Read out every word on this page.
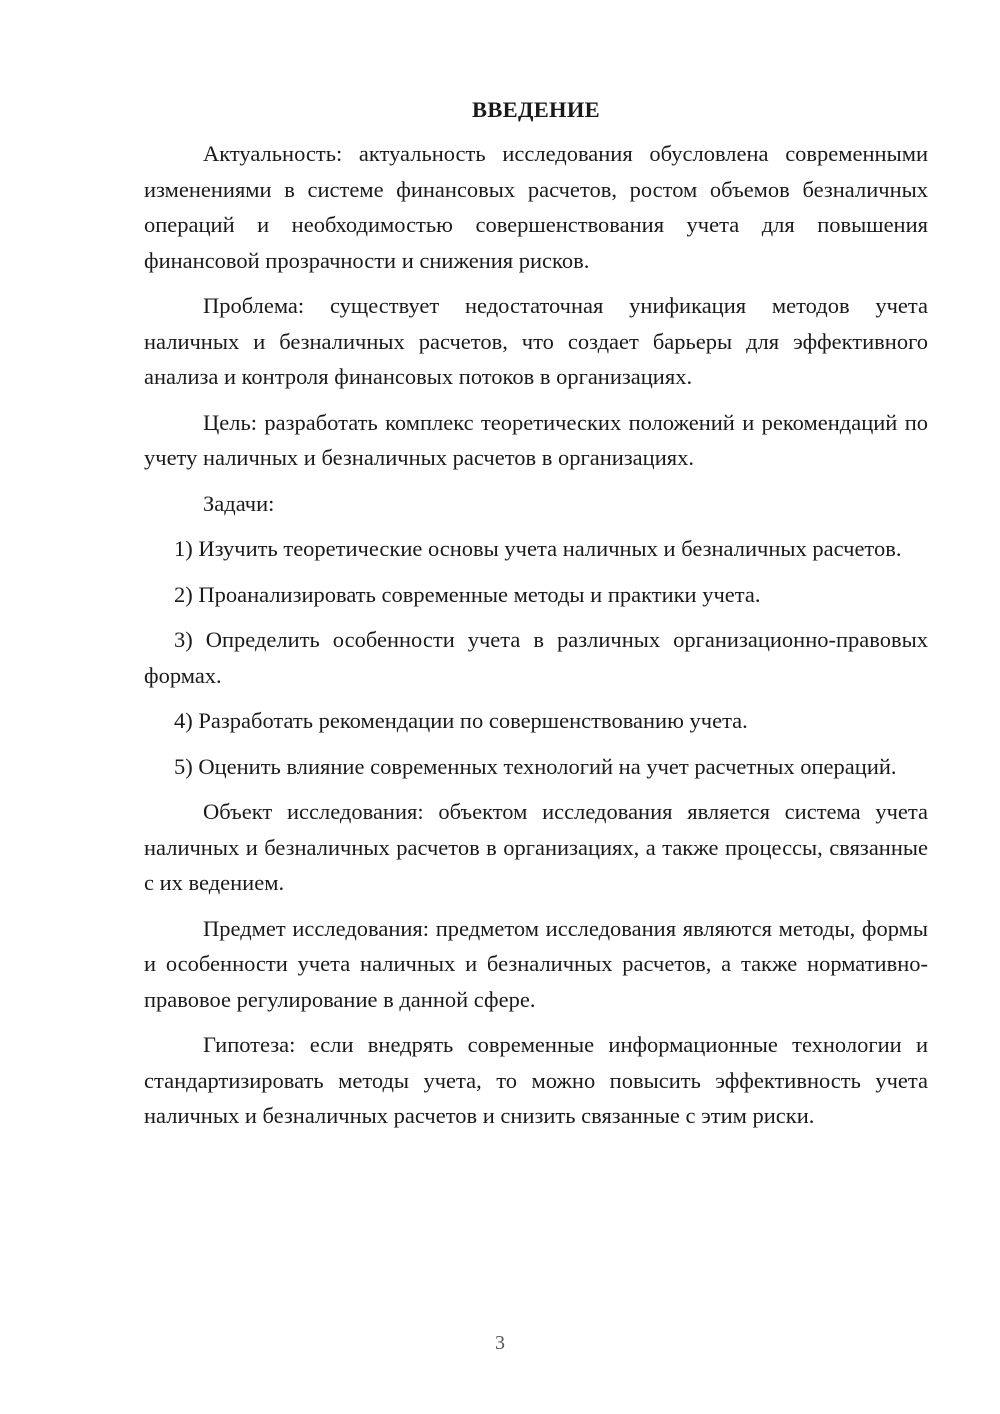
ВВЕДЕНИЕ

Актуальность: актуальность исследования обусловлена современными изменениями в системе финансовых расчетов, ростом объемов безналичных операций и необходимостью совершенствования учета для повышения финансовой прозрачности и снижения рисков.

Проблема: существует недостаточная унификация методов учета наличных и безналичных расчетов, что создает барьеры для эффективного анализа и контроля финансовых потоков в организациях.

Цель: разработать комплекс теоретических положений и рекомендаций по учету наличных и безналичных расчетов в организациях.

Задачи:

1) Изучить теоретические основы учета наличных и безналичных расчетов.

2) Проанализировать современные методы и практики учета.

3) Определить особенности учета в различных организационно-правовых формах.

4) Разработать рекомендации по совершенствованию учета.

5) Оценить влияние современных технологий на учет расчетных операций.

Объект исследования: объектом исследования является система учета наличных и безналичных расчетов в организациях, а также процессы, связанные с их ведением.

Предмет исследования: предметом исследования являются методы, формы и особенности учета наличных и безналичных расчетов, а также нормативно-правовое регулирование в данной сфере.

Гипотеза: если внедрять современные информационные технологии и стандартизировать методы учета, то можно повысить эффективность учета наличных и безналичных расчетов и снизить связанные с этим риски.

3
